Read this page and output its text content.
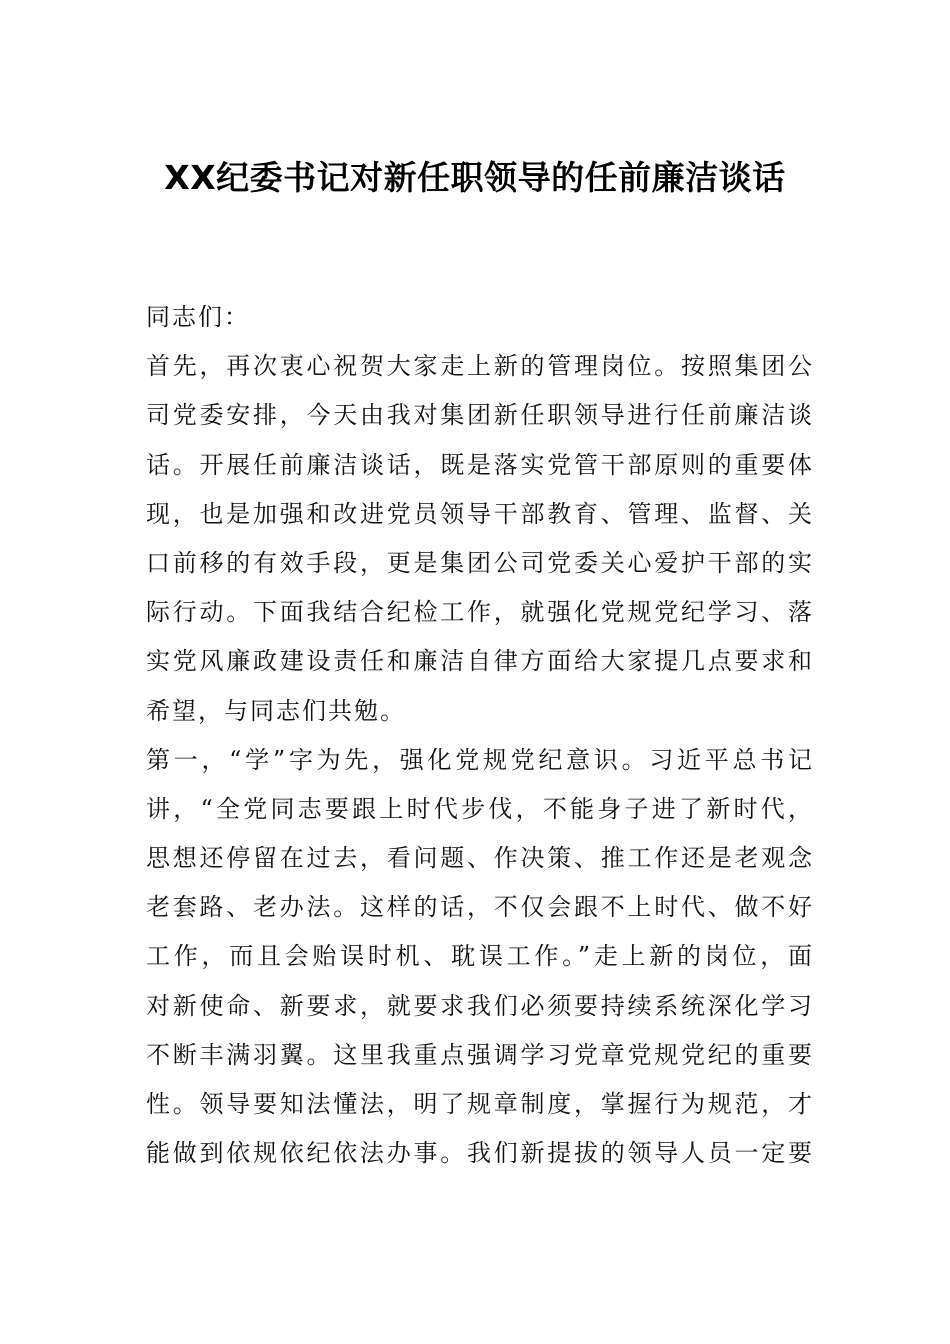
XX纪委书记对新任职领导的任前廉洁谈话
同志们：
首先，再次衷心祝贺大家走上新的管理岗位。按照集团公
司党委安排，今天由我对集团新任职领导进行任前廉洁谈
话。开展任前廉洁谈话，既是落实党管干部原则的重要体
现，也是加强和改进党员领导干部教育、管理、监督、关
口前移的有效手段，更是集团公司党委关心爱护干部的实
际行动。下面我结合纪检工作，就强化党规党纪学习、落
实党风廉政建设责任和廉洁自律方面给大家提几点要求和
希望，与同志们共勉。
第一，“学”字为先，强化党规党纪意识。习近平总书记
讲，“全党同志要跟上时代步伐，不能身子进了新时代，
思想还停留在过去，看问题、作决策、推工作还是老观念
老套路、老办法。这样的话，不仅会跟不上时代、做不好
工作，而且会贻误时机、耽误工作。”走上新的岗位，面
对新使命、新要求，就要求我们必须要持续系统深化学习
不断丰满羽翼。这里我重点强调学习党章党规党纪的重要
性。领导要知法懂法，明了规章制度，掌握行为规范，才
能做到依规依纪依法办事。我们新提拔的领导人员一定要
